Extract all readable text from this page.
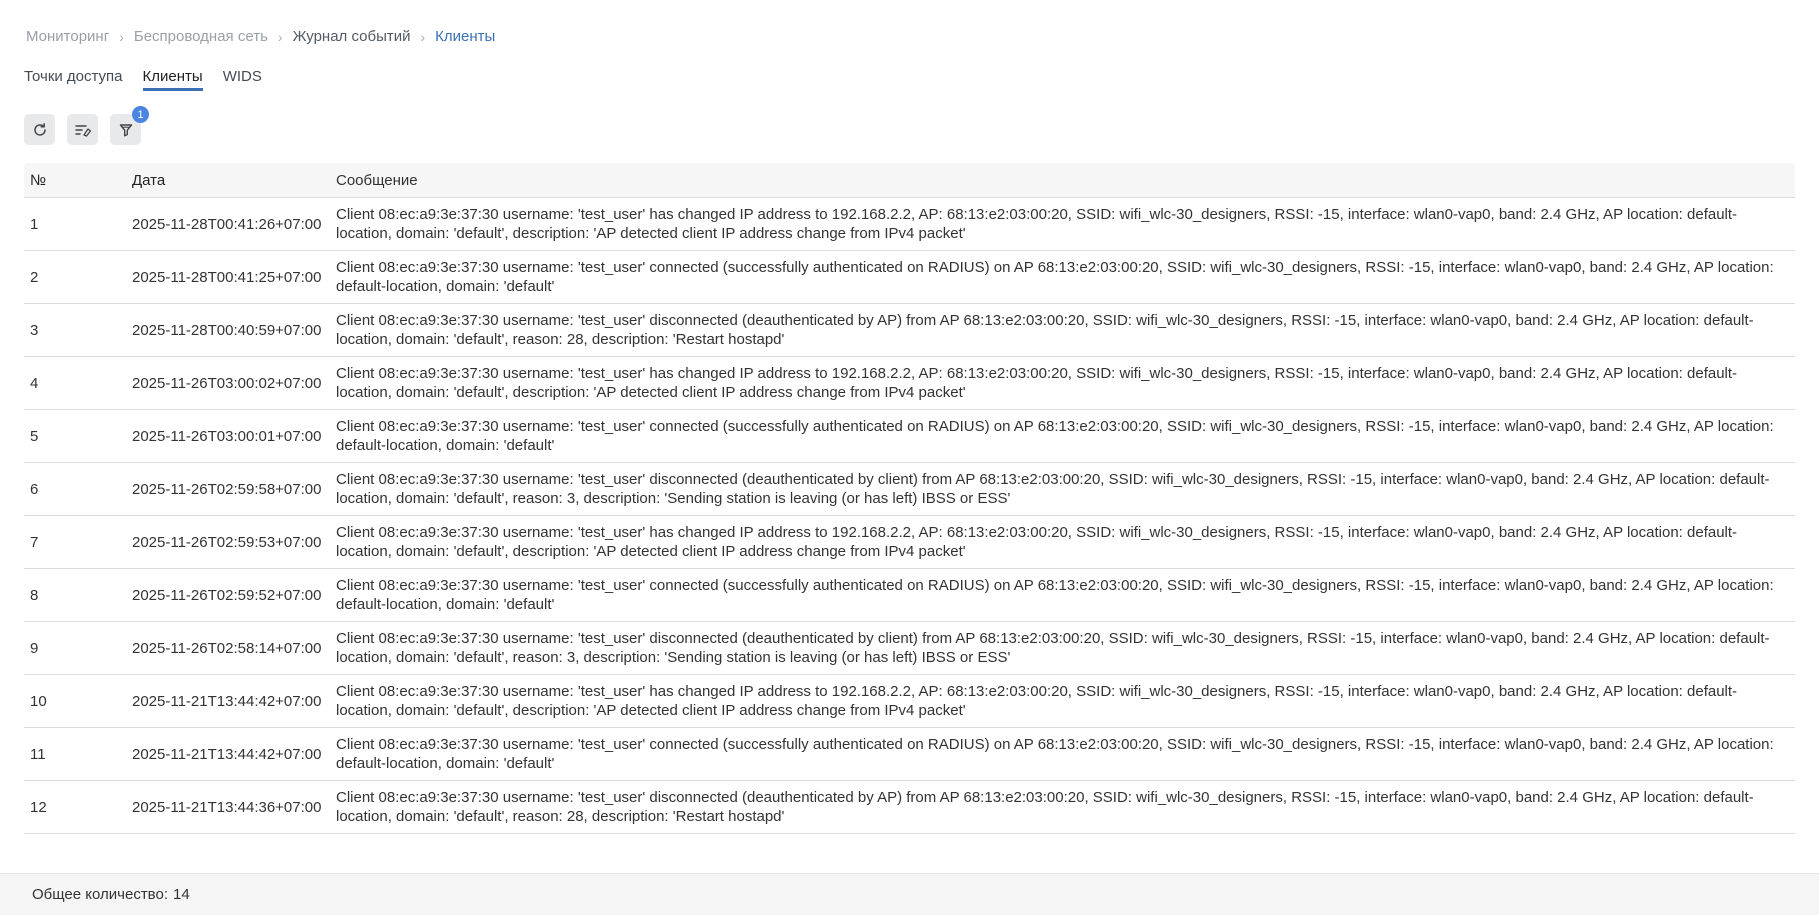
Мониторинг › Беспроводная сеть › Журнал событий › Клиенты
Точки доступа Клиенты WIDS
1
№	Дата	Сообщение
1	2025-11-28T00:41:26+07:00
Client 08:ec:a9:3e:37:30 username: 'test_user' has changed IP address to 192.168.2.2, AP: 68:13:e2:03:00:20, SSID: wifi_wlc-30_designers, RSSI: -15, interface: wlan0-vap0, band: 2.4 GHz, AP location: default-location, domain: 'default', description: 'AP detected client IP address change from IPv4 packet'
2	2025-11-28T00:41:25+07:00
Client 08:ec:a9:3e:37:30 username: 'test_user' connected (successfully authenticated on RADIUS) on AP 68:13:e2:03:00:20, SSID: wifi_wlc-30_designers, RSSI: -15, interface: wlan0-vap0, band: 2.4 GHz, AP location: default-location, domain: 'default'
3	2025-11-28T00:40:59+07:00
Client 08:ec:a9:3e:37:30 username: 'test_user' disconnected (deauthenticated by AP) from AP 68:13:e2:03:00:20, SSID: wifi_wlc-30_designers, RSSI: -15, interface: wlan0-vap0, band: 2.4 GHz, AP location: default-location, domain: 'default', reason: 28, description: 'Restart hostapd'
4	2025-11-26T03:00:02+07:00
Client 08:ec:a9:3e:37:30 username: 'test_user' has changed IP address to 192.168.2.2, AP: 68:13:e2:03:00:20, SSID: wifi_wlc-30_designers, RSSI: -15, interface: wlan0-vap0, band: 2.4 GHz, AP location: default-location, domain: 'default', description: 'AP detected client IP address change from IPv4 packet'
5	2025-11-26T03:00:01+07:00
Client 08:ec:a9:3e:37:30 username: 'test_user' connected (successfully authenticated on RADIUS) on AP 68:13:e2:03:00:20, SSID: wifi_wlc-30_designers, RSSI: -15, interface: wlan0-vap0, band: 2.4 GHz, AP location: default-location, domain: 'default'
6	2025-11-26T02:59:58+07:00
Client 08:ec:a9:3e:37:30 username: 'test_user' disconnected (deauthenticated by client) from AP 68:13:e2:03:00:20, SSID: wifi_wlc-30_designers, RSSI: -15, interface: wlan0-vap0, band: 2.4 GHz, AP location: default-location, domain: 'default', reason: 3, description: 'Sending station is leaving (or has left) IBSS or ESS'
7	2025-11-26T02:59:53+07:00
Client 08:ec:a9:3e:37:30 username: 'test_user' has changed IP address to 192.168.2.2, AP: 68:13:e2:03:00:20, SSID: wifi_wlc-30_designers, RSSI: -15, interface: wlan0-vap0, band: 2.4 GHz, AP location: default-location, domain: 'default', description: 'AP detected client IP address change from IPv4 packet'
8	2025-11-26T02:59:52+07:00
Client 08:ec:a9:3e:37:30 username: 'test_user' connected (successfully authenticated on RADIUS) on AP 68:13:e2:03:00:20, SSID: wifi_wlc-30_designers, RSSI: -15, interface: wlan0-vap0, band: 2.4 GHz, AP location: default-location, domain: 'default'
9	2025-11-26T02:58:14+07:00
Client 08:ec:a9:3e:37:30 username: 'test_user' disconnected (deauthenticated by client) from AP 68:13:e2:03:00:20, SSID: wifi_wlc-30_designers, RSSI: -15, interface: wlan0-vap0, band: 2.4 GHz, AP location: default-location, domain: 'default', reason: 3, description: 'Sending station is leaving (or has left) IBSS or ESS'
10	2025-11-21T13:44:42+07:00
Client 08:ec:a9:3e:37:30 username: 'test_user' has changed IP address to 192.168.2.2, AP: 68:13:e2:03:00:20, SSID: wifi_wlc-30_designers, RSSI: -15, interface: wlan0-vap0, band: 2.4 GHz, AP location: default-location, domain: 'default', description: 'AP detected client IP address change from IPv4 packet'
11	2025-11-21T13:44:42+07:00
Client 08:ec:a9:3e:37:30 username: 'test_user' connected (successfully authenticated on RADIUS) on AP 68:13:e2:03:00:20, SSID: wifi_wlc-30_designers, RSSI: -15, interface: wlan0-vap0, band: 2.4 GHz, AP location: default-location, domain: 'default'
12	2025-11-21T13:44:36+07:00
Client 08:ec:a9:3e:37:30 username: 'test_user' disconnected (deauthenticated by AP) from AP 68:13:e2:03:00:20, SSID: wifi_wlc-30_designers, RSSI: -15, interface: wlan0-vap0, band: 2.4 GHz, AP location: default-location, domain: 'default', reason: 28, description: 'Restart hostapd'
Общее количество: 14
